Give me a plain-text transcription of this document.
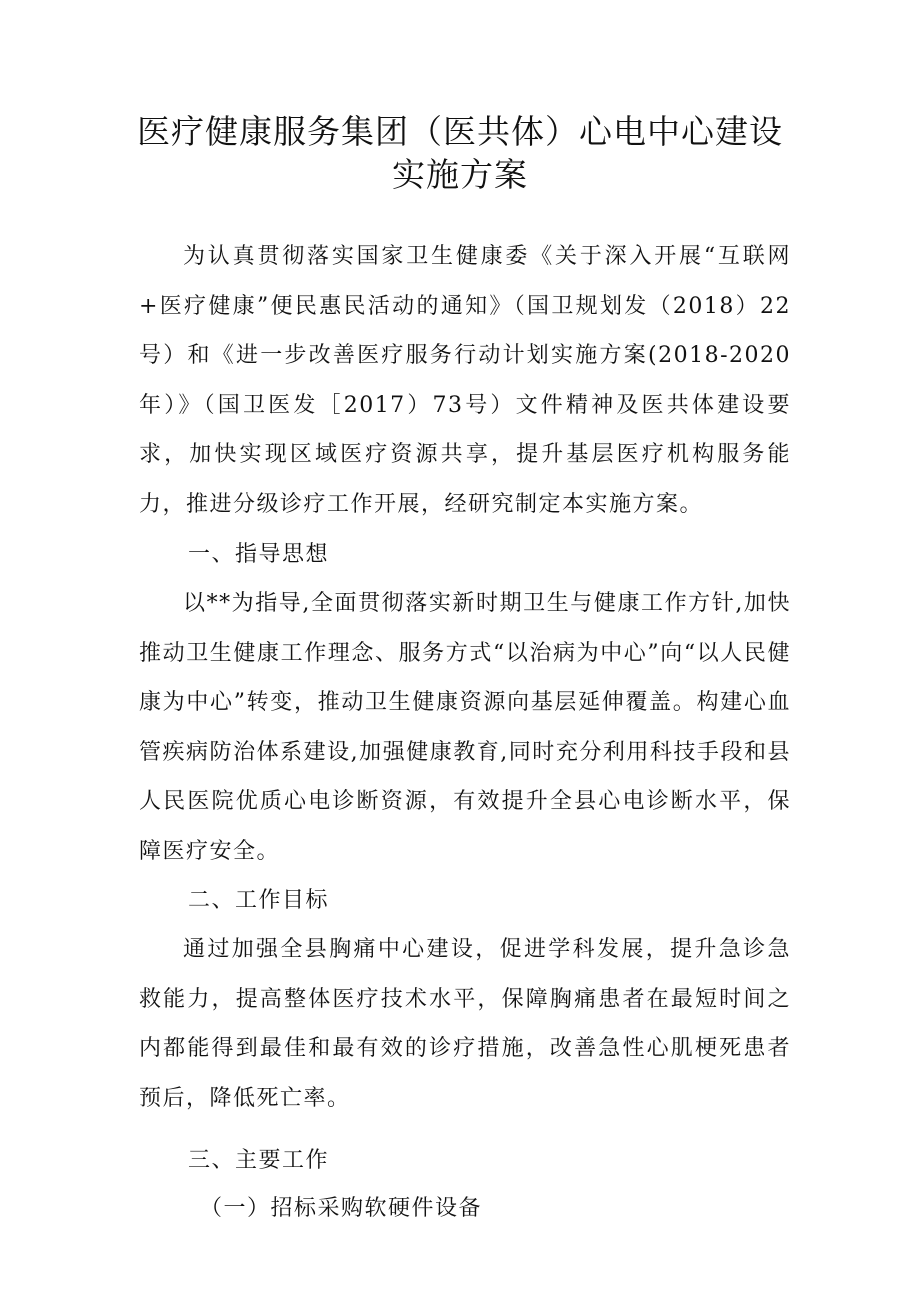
医疗健康服务集团（医共体）心电中心建设
实施方案

为认真贯彻落实国家卫生健康委《关于深入开展“互联网+医疗健康”便民惠民活动的通知》（国卫规划发（2018）22号）和《进一步改善医疗服务行动计划实施方案(2018-2020年）》（国卫医发［2017）73号）文件精神及医共体建设要求，加快实现区域医疗资源共享，提升基层医疗机构服务能力，推进分级诊疗工作开展，经研究制定本实施方案。

一、指导思想

以**为指导,全面贯彻落实新时期卫生与健康工作方针,加快推动卫生健康工作理念、服务方式“以治病为中心”向“以人民健康为中心”转变，推动卫生健康资源向基层延伸覆盖。构建心血管疾病防治体系建设,加强健康教育,同时充分利用科技手段和县人民医院优质心电诊断资源，有效提升全县心电诊断水平，保障医疗安全。

二、工作目标

通过加强全县胸痛中心建设，促进学科发展，提升急诊急救能力，提高整体医疗技术水平，保障胸痛患者在最短时间之内都能得到最佳和最有效的诊疗措施，改善急性心肌梗死患者预后，降低死亡率。

三、主要工作

（一）招标采购软硬件设备
